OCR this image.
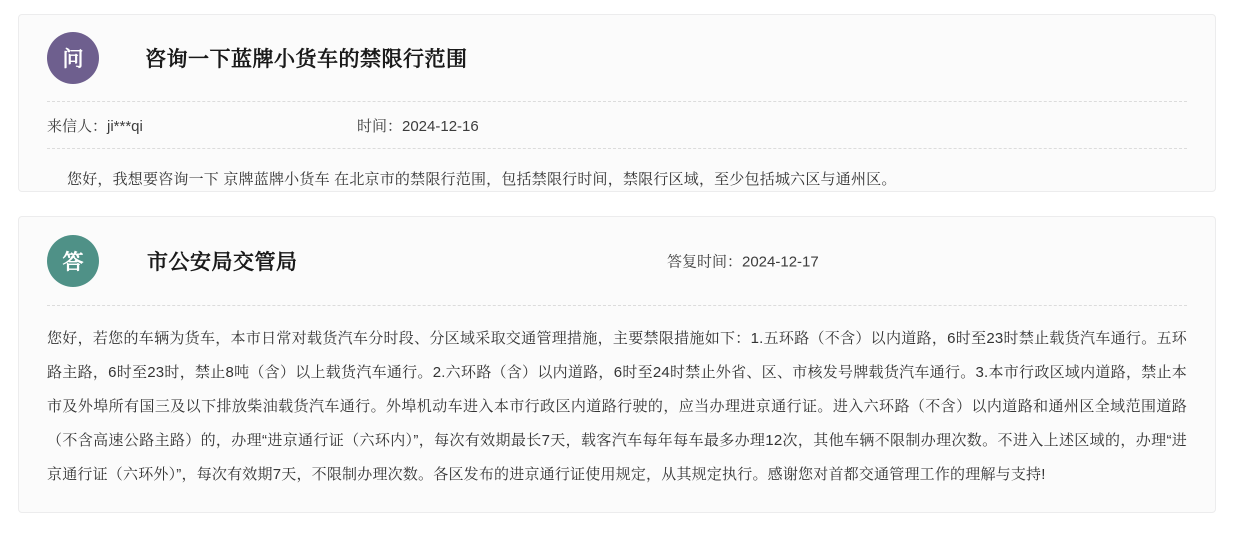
问	咨询一下蓝牌小货车的禁限行范围
来信人：ji***qi	时间：2024-12-16
您好，我想要咨询一下 京牌蓝牌小货车 在北京市的禁限行范围，包括禁限行时间，禁限行区域，至少包括城六区与通州区。
答	市公安局交管局	答复时间：2024-12-17
您好，若您的车辆为货车，本市日常对载货汽车分时段、分区域采取交通管理措施，主要禁限措施如下：1.五环路（不含）以内道路，6时至23时禁止载货汽车通行。五环路主路，6时至23时，禁止8吨（含）以上载货汽车通行。2.六环路（含）以内道路，6时至24时禁止外省、区、市核发号牌载货汽车通行。3.本市行政区域内道路，禁止本市及外埠所有国三及以下排放柴油载货汽车通行。外埠机动车进入本市行政区内道路行驶的，应当办理进京通行证。进入六环路（不含）以内道路和通州区全域范围道路（不含高速公路主路）的，办理“进京通行证（六环内）”，每次有效期最长7天，载客汽车每年每车最多办理12次，其他车辆不限制办理次数。不进入上述区域的，办理“进京通行证（六环外）”，每次有效期7天，不限制办理次数。各区发布的进京通行证使用规定，从其规定执行。感谢您对首都交通管理工作的理解与支持!
